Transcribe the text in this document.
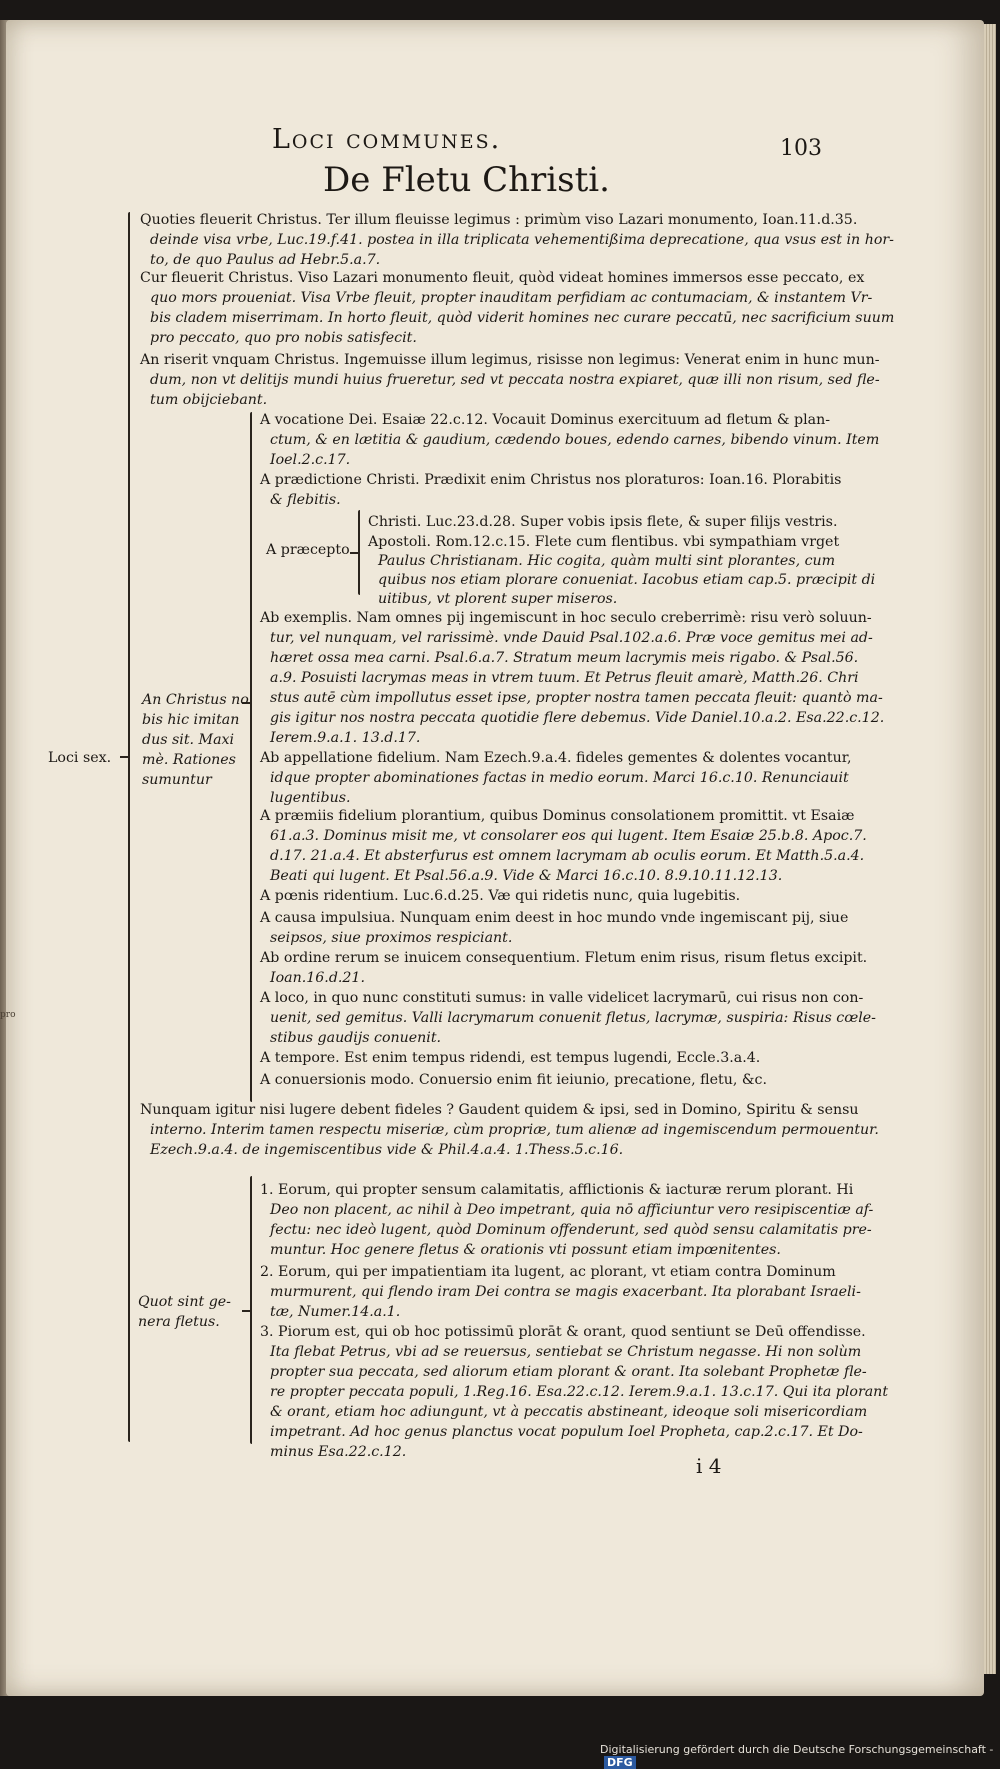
Loci communes.	103
De Fletu Christi.
Loci sex.
Quoties fleuerit Christus. Ter illum fleuisse legimus : primùm viso Lazari monumento, Ioan.11.d.35.
deinde visa vrbe, Luc.19.f.41. postea in illa triplicata vehementißima deprecatione, qua vsus est in hor-
to, de quo Paulus ad Hebr.5.a.7.
Cur fleuerit Christus. Viso Lazari monumento fleuit, quòd videat homines immersos esse peccato, ex
quo mors proueniat. Visa Vrbe fleuit, propter inauditam perfidiam ac contumaciam, & instantem Vr-
bis cladem miserrimam. In horto fleuit, quòd viderit homines nec curare peccatū, nec sacrificium suum
pro peccato, quo pro nobis satisfecit.
An riserit vnquam Christus. Ingemuisse illum legimus, risisse non legimus: Venerat enim in hunc mun-
dum, non vt delitijs mundi huius frueretur, sed vt peccata nostra expiaret, quæ illi non risum, sed fle-
tum obijciebant.
A vocatione Dei. Esaiæ 22.c.12. Vocauit Dominus exercituum ad fletum & plan-
ctum, & en lætitia & gaudium, cædendo boues, edendo carnes, bibendo vinum. Item
Ioel.2.c.17.
A prædictione Christi. Prædixit enim Christus nos ploraturos: Ioan.16. Plorabitis
& flebitis.
A præcepto
Christi. Luc.23.d.28. Super vobis ipsis flete, & super filijs vestris.
Apostoli. Rom.12.c.15. Flete cum flentibus. vbi sympathiam vrget
Paulus Christianam. Hic cogita, quàm multi sint plorantes, cum
quibus nos etiam plorare conueniat. Iacobus etiam cap.5. præcipit di
uitibus, vt plorent super miseros.
An Christus no
bis hic imitan
dus sit. Maxi
mè. Rationes
sumuntur
Ab exemplis. Nam omnes pij ingemiscunt in hoc seculo creberrimè: risu verò soluun-
tur, vel nunquam, vel rarissimè. vnde Dauid Psal.102.a.6. Præ voce gemitus mei ad-
hæret ossa mea carni. Psal.6.a.7. Stratum meum lacrymis meis rigabo. & Psal.56.
a.9. Posuisti lacrymas meas in vtrem tuum. Et Petrus fleuit amarè, Matth.26. Chri
stus autē cùm impollutus esset ipse, propter nostra tamen peccata fleuit: quantò ma-
gis igitur nos nostra peccata quotidie flere debemus. Vide Daniel.10.a.2. Esa.22.c.12.
Ierem.9.a.1. 13.d.17.
Ab appellatione fidelium. Nam Ezech.9.a.4. fideles gementes & dolentes vocantur,
idque propter abominationes factas in medio eorum. Marci 16.c.10. Renunciauit
lugentibus.
A præmiis fidelium plorantium, quibus Dominus consolationem promittit. vt Esaiæ
61.a.3. Dominus misit me, vt consolarer eos qui lugent. Item Esaiæ 25.b.8. Apoc.7.
d.17. 21.a.4. Et absterfurus est omnem lacrymam ab oculis eorum. Et Matth.5.a.4.
Beati qui lugent. Et Psal.56.a.9. Vide & Marci 16.c.10. 8.9.10.11.12.13.
A pœnis ridentium. Luc.6.d.25. Væ qui ridetis nunc, quia lugebitis.
A causa impulsiua. Nunquam enim deest in hoc mundo vnde ingemiscant pij, siue
seipsos, siue proximos respiciant.
Ab ordine rerum se inuicem consequentium. Fletum enim risus, risum fletus excipit.
Ioan.16.d.21.
A loco, in quo nunc constituti sumus: in valle videlicet lacrymarū, cui risus non con-
uenit, sed gemitus. Valli lacrymarum conuenit fletus, lacrymæ, suspiria: Risus cœle-
stibus gaudijs conuenit.
A tempore. Est enim tempus ridendi, est tempus lugendi, Eccle.3.a.4.
A conuersionis modo. Conuersio enim fit ieiunio, precatione, fletu, &c.
Nunquam igitur nisi lugere debent fideles ? Gaudent quidem & ipsi, sed in Domino, Spiritu & sensu
interno. Interim tamen respectu miseriæ, cùm propriæ, tum alienæ ad ingemiscendum permouentur.
Ezech.9.a.4. de ingemiscentibus vide & Phil.4.a.4. 1.Thess.5.c.16.
Quot sint ge-
nera fletus.
1. Eorum, qui propter sensum calamitatis, afflictionis & iacturæ rerum plorant. Hi
Deo non placent, ac nihil à Deo impetrant, quia nō afficiuntur vero resipiscentiæ af-
fectu: nec ideò lugent, quòd Dominum offenderunt, sed quòd sensu calamitatis pre-
muntur. Hoc genere fletus & orationis vti possunt etiam impœnitentes.
2. Eorum, qui per impatientiam ita lugent, ac plorant, vt etiam contra Dominum
murmurent, qui flendo iram Dei contra se magis exacerbant. Ita plorabant Israeli-
tæ, Numer.14.a.1.
3. Piorum est, qui ob hoc potissimū plorāt & orant, quod sentiunt se Deū offendisse.
Ita flebat Petrus, vbi ad se reuersus, sentiebat se Christum negasse. Hi non solùm
propter sua peccata, sed aliorum etiam plorant & orant. Ita solebant Prophetæ fle-
re propter peccata populi, 1.Reg.16. Esa.22.c.12. Ierem.9.a.1. 13.c.17. Qui ita plorant
& orant, etiam hoc adiungunt, vt à peccatis abstineant, ideoque soli misericordiam
impetrant. Ad hoc genus planctus vocat populum Ioel Propheta, cap.2.c.17. Et Do-
minus Esa.22.c.12.
i 4
pro
Digitalisierung gefördert durch die Deutsche Forschungsgemeinschaft -DFG
